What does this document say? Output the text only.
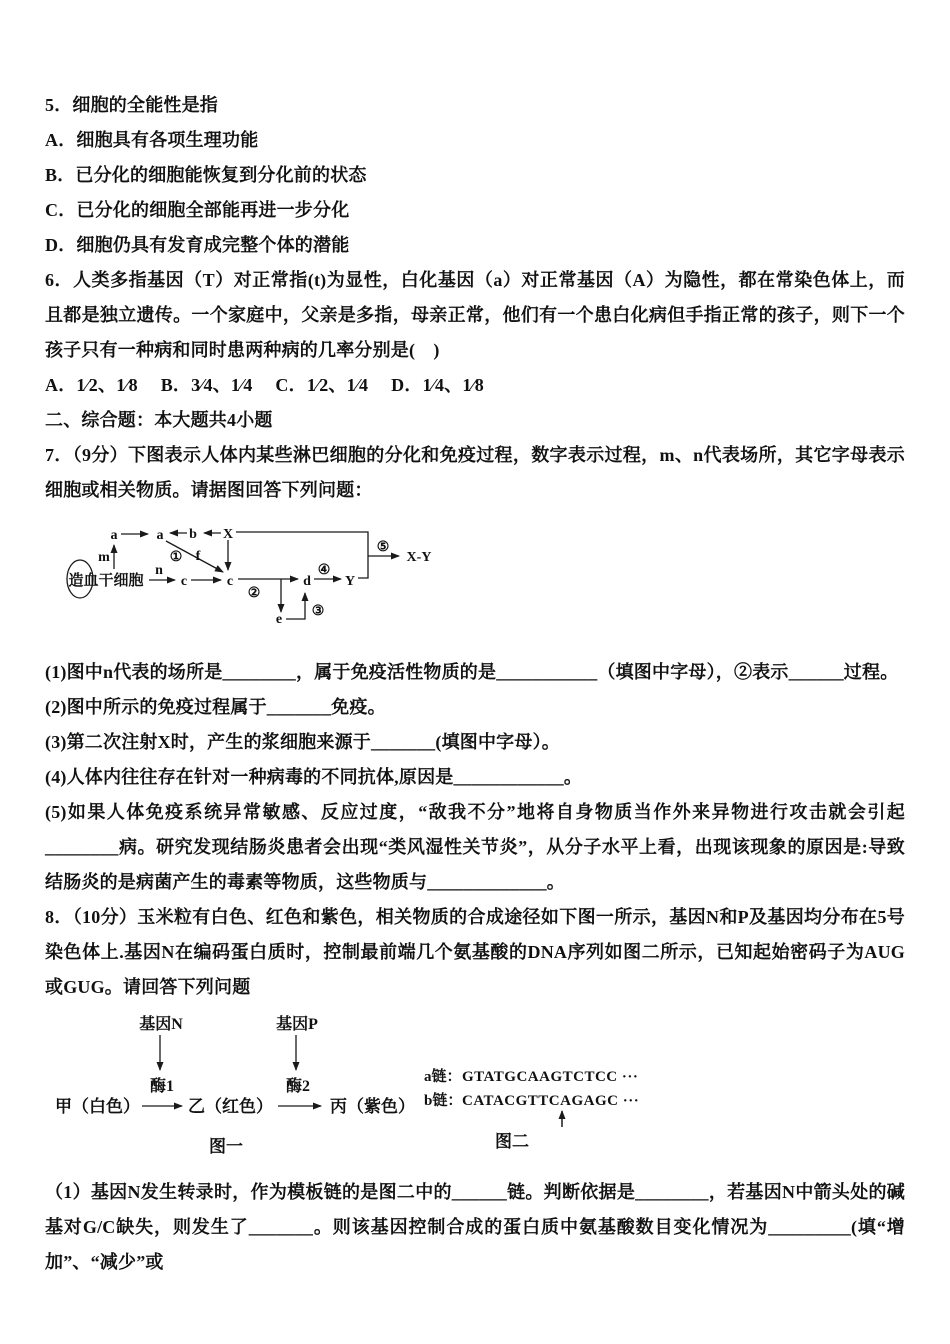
5．细胞的全能性是指
A．细胞具有各项生理功能
B．已分化的细胞能恢复到分化前的状态
C．已分化的细胞全部能再进一步分化
D．细胞仍具有发育成完整个体的潜能
6．人类多指基因（T）对正常指(t)为显性，白化基因（a）对正常基因（A）为隐性，都在常染色体上，而且都是独立遗传。一个家庭中，父亲是多指，母亲正常，他们有一个患白化病但手指正常的孩子，则下一个孩子只有一种病和同时患两种病的几率分别是(　)
A．1⁄2、1⁄8　 B．3⁄4、1⁄4　 C．1⁄2、1⁄4　 D．1⁄4、1⁄8
二、综合题：本大题共4小题
7．（9分）下图表示人体内某些淋巴细胞的分化和免疫过程，数字表示过程，m、n代表场所，其它字母表示细胞或相关物质。请据图回答下列问题：
造血干细胞
a
m
a b X
① f
n
c	c
②
d
e
③
④
Y
⑤
X-Y
(1)图中n代表的场所是________，属于免疫活性物质的是___________（填图中字母），②表示______过程。
(2)图中所示的免疫过程属于_______免疫。
(3)第二次注射X时，产生的浆细胞来源于_______(填图中字母）。
(4)人体内往往存在针对一种病毒的不同抗体,原因是____________。
(5)如果人体免疫系统异常敏感、反应过度，“敌我不分”地将自身物质当作外来异物进行攻击就会引起________病。研究发现结肠炎患者会出现“类风湿性关节炎”，从分子水平上看，出现该现象的原因是:导致结肠炎的是病菌产生的毒素等物质，这些物质与_____________。
8．（10分）玉米粒有白色、红色和紫色，相关物质的合成途径如下图一所示，基因N和P及基因均分布在5号染色体上.基因N在编码蛋白质时，控制最前端几个氨基酸的DNA序列如图二所示，已知起始密码子为AUG或GUG。请回答下列问题
基因N	基因P
酶1	酶2
甲（白色）	乙（红色）	丙（紫色）
图一
a链： GTATGCAAGTCTCC ···
b链： CATACGTTCAGAGC ···
图二
（1）基因N发生转录时，作为模板链的是图二中的______链。判断依据是________，若基因N中箭头处的碱基对G/C缺失，则发生了_______。则该基因控制合成的蛋白质中氨基酸数目变化情况为_________(填“增加”、“减少”或
